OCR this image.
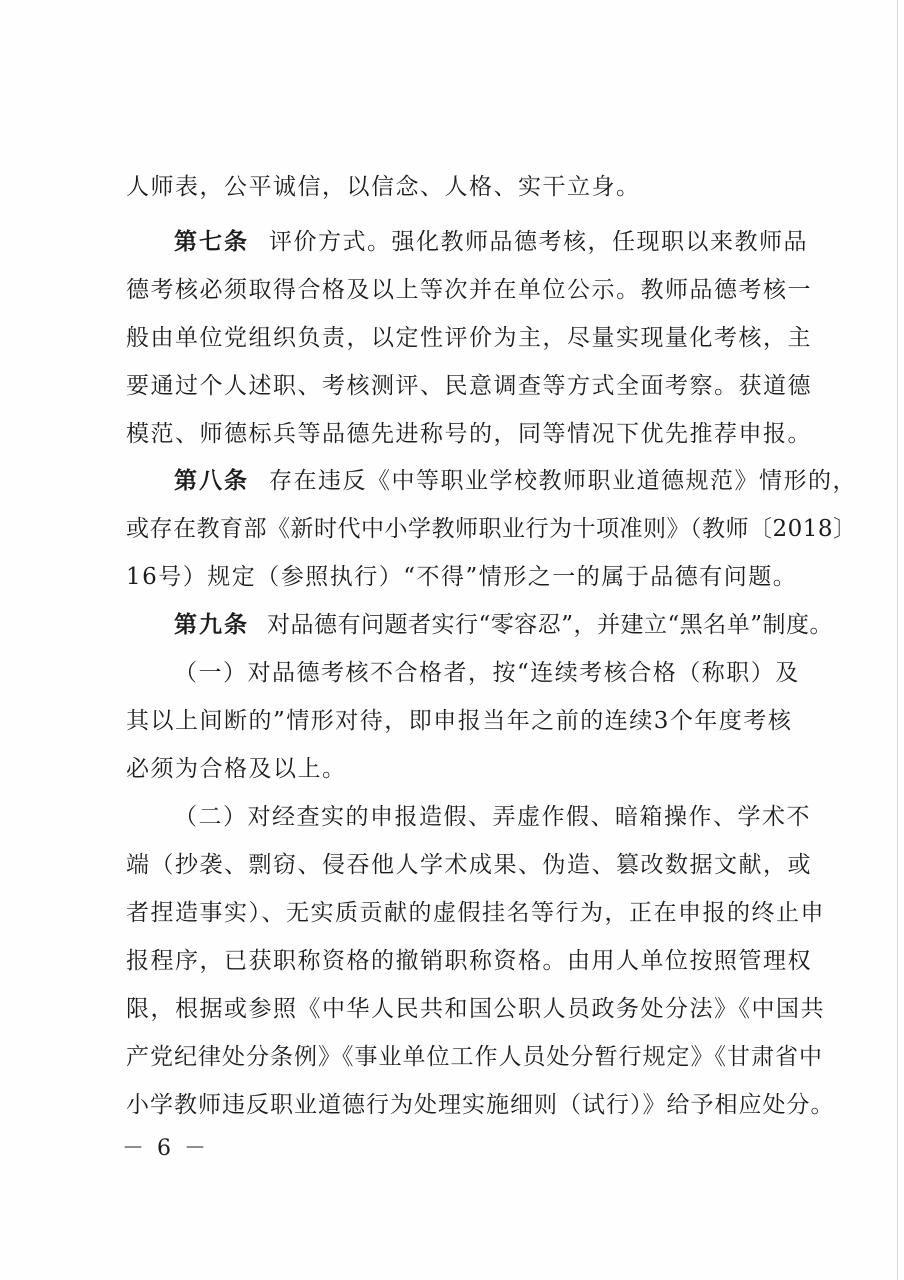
人师表，公平诚信，以信念、人格、实干立身。
第七条 评价方式。强化教师品德考核，任现职以来教师品
德考核必须取得合格及以上等次并在单位公示。教师品德考核一
般由单位党组织负责，以定性评价为主，尽量实现量化考核，主
要通过个人述职、考核测评、民意调查等方式全面考察。获道德
模范、师德标兵等品德先进称号的，同等情况下优先推荐申报。
第八条 存在违反《中等职业学校教师职业道德规范》情形的，
或存在教育部《新时代中小学教师职业行为十项准则》（教师〔2018〕
16号）规定（参照执行）“不得”情形之一的属于品德有问题。
第九条 对品德有问题者实行“零容忍”，并建立“黑名单”制度。
（一）对品德考核不合格者，按“连续考核合格（称职）及
其以上间断的”情形对待，即申报当年之前的连续3个年度考核
必须为合格及以上。
（二）对经查实的申报造假、弄虚作假、暗箱操作、学术不
端（抄袭、剽窃、侵吞他人学术成果、伪造、篡改数据文献，或
者捏造事实）、无实质贡献的虚假挂名等行为，正在申报的终止申
报程序，已获职称资格的撤销职称资格。由用人单位按照管理权
限，根据或参照《中华人民共和国公职人员政务处分法》《中国共
产党纪律处分条例》《事业单位工作人员处分暂行规定》《甘肃省中
小学教师违反职业道德行为处理实施细则（试行）》给予相应处分。
－ 6 －
